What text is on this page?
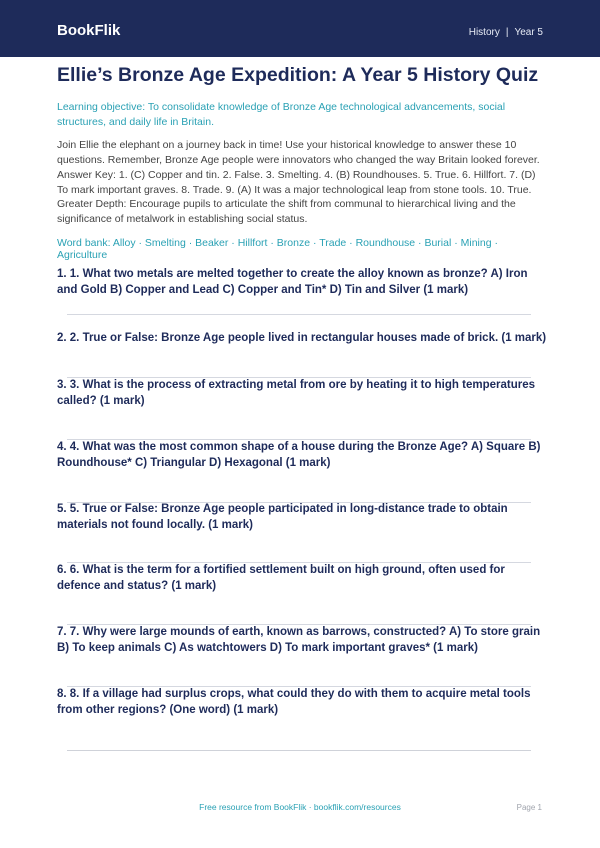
BookFlik	History | Year 5
Ellie’s Bronze Age Expedition: A Year 5 History Quiz
Learning objective: To consolidate knowledge of Bronze Age technological advancements, social structures, and daily life in Britain.
Join Ellie the elephant on a journey back in time! Use your historical knowledge to answer these 10 questions. Remember, Bronze Age people were innovators who changed the way Britain looked forever.
Answer Key: 1. (C) Copper and tin. 2. False. 3. Smelting. 4. (B) Roundhouses. 5. True. 6. Hillfort. 7. (D) To mark important graves. 8. Trade. 9. (A) It was a major technological leap from stone tools. 10. True. Greater Depth: Encourage pupils to articulate the shift from communal to hierarchical living and the significance of metalwork in establishing social status.
Word bank: Alloy · Smelting · Beaker · Hillfort · Bronze · Trade · Roundhouse · Burial · Mining · Agriculture
1. 1. What two metals are melted together to create the alloy known as bronze? A) Iron and Gold B) Copper and Lead C) Copper and Tin* D) Tin and Silver (1 mark)
2. 2. True or False: Bronze Age people lived in rectangular houses made of brick. (1 mark)
3. 3. What is the process of extracting metal from ore by heating it to high temperatures called? (1 mark)
4. 4. What was the most common shape of a house during the Bronze Age? A) Square B) Roundhouse* C) Triangular D) Hexagonal (1 mark)
5. 5. True or False: Bronze Age people participated in long-distance trade to obtain materials not found locally. (1 mark)
6. 6. What is the term for a fortified settlement built on high ground, often used for defence and status? (1 mark)
7. 7. Why were large mounds of earth, known as barrows, constructed? A) To store grain B) To keep animals C) As watchtowers D) To mark important graves* (1 mark)
8. 8. If a village had surplus crops, what could they do with them to acquire metal tools from other regions? (One word) (1 mark)
Free resource from BookFlik · bookflik.com/resources	Page 1
